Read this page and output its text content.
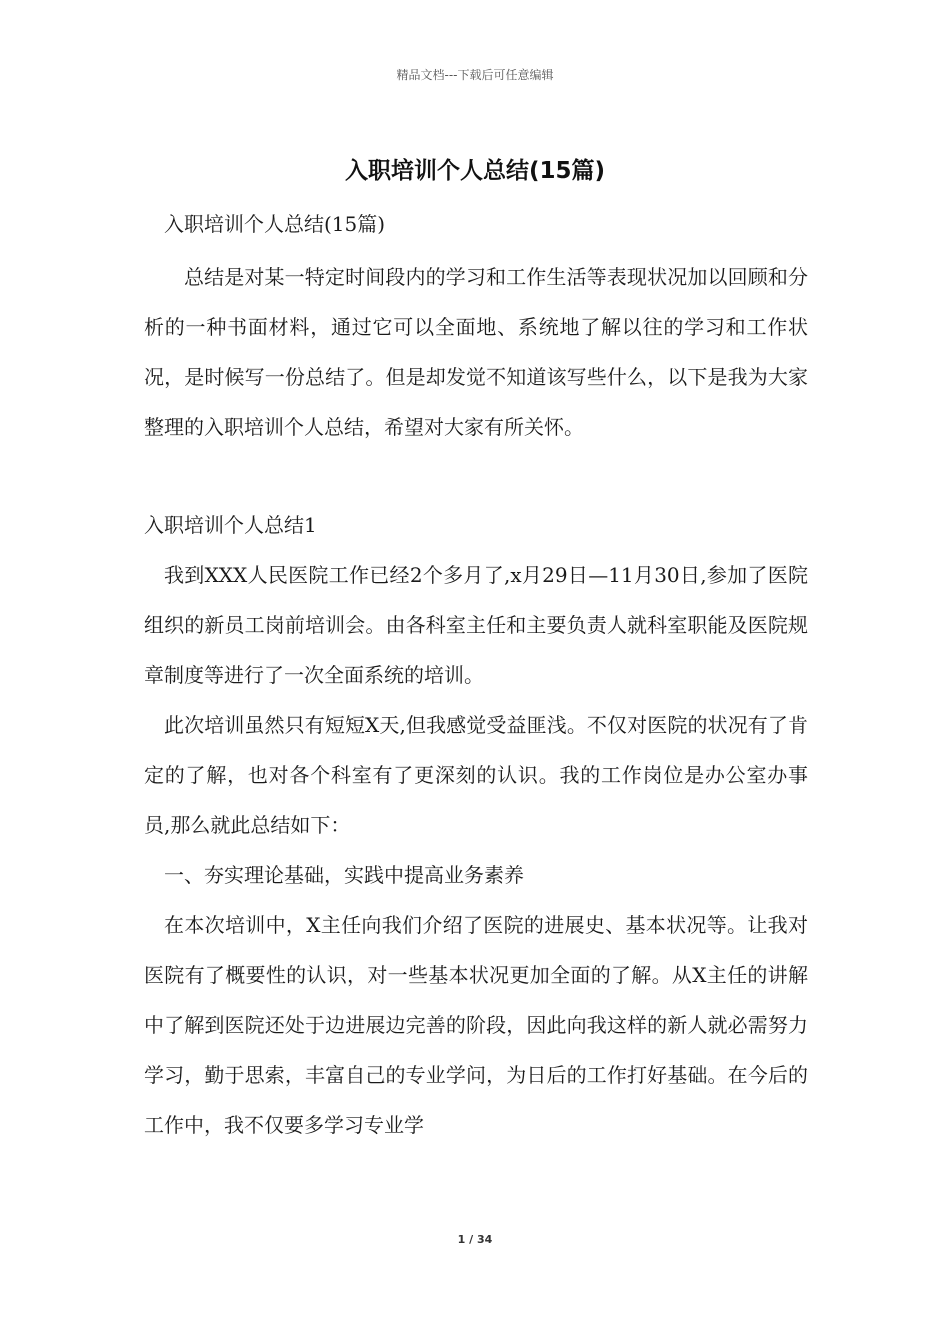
精品文档---下载后可任意编辑
入职培训个人总结(15篇)

入职培训个人总结(15篇)

总结是对某一特定时间段内的学习和工作生活等表现状况加以回顾和分析的一种书面材料，通过它可以全面地、系统地了解以往的学习和工作状况，是时候写一份总结了。但是却发觉不知道该写些什么，以下是我为大家整理的入职培训个人总结，希望对大家有所关怀。

入职培训个人总结1

我到XXX人民医院工作已经2个多月了,x月29日—11月30日,参加了医院组织的新员工岗前培训会。由各科室主任和主要负责人就科室职能及医院规章制度等进行了一次全面系统的培训。

此次培训虽然只有短短X天,但我感觉受益匪浅。不仅对医院的状况有了肯定的了解，也对各个科室有了更深刻的认识。我的工作岗位是办公室办事员,那么就此总结如下：

一、夯实理论基础，实践中提高业务素养

在本次培训中，X主任向我们介绍了医院的进展史、基本状况等。让我对医院有了概要性的认识，对一些基本状况更加全面的了解。从X主任的讲解中了解到医院还处于边进展边完善的阶段，因此向我这样的新人就必需努力学习，勤于思索，丰富自己的专业学问，为日后的工作打好基础。在今后的工作中，我不仅要多学习专业学

1 / 34
